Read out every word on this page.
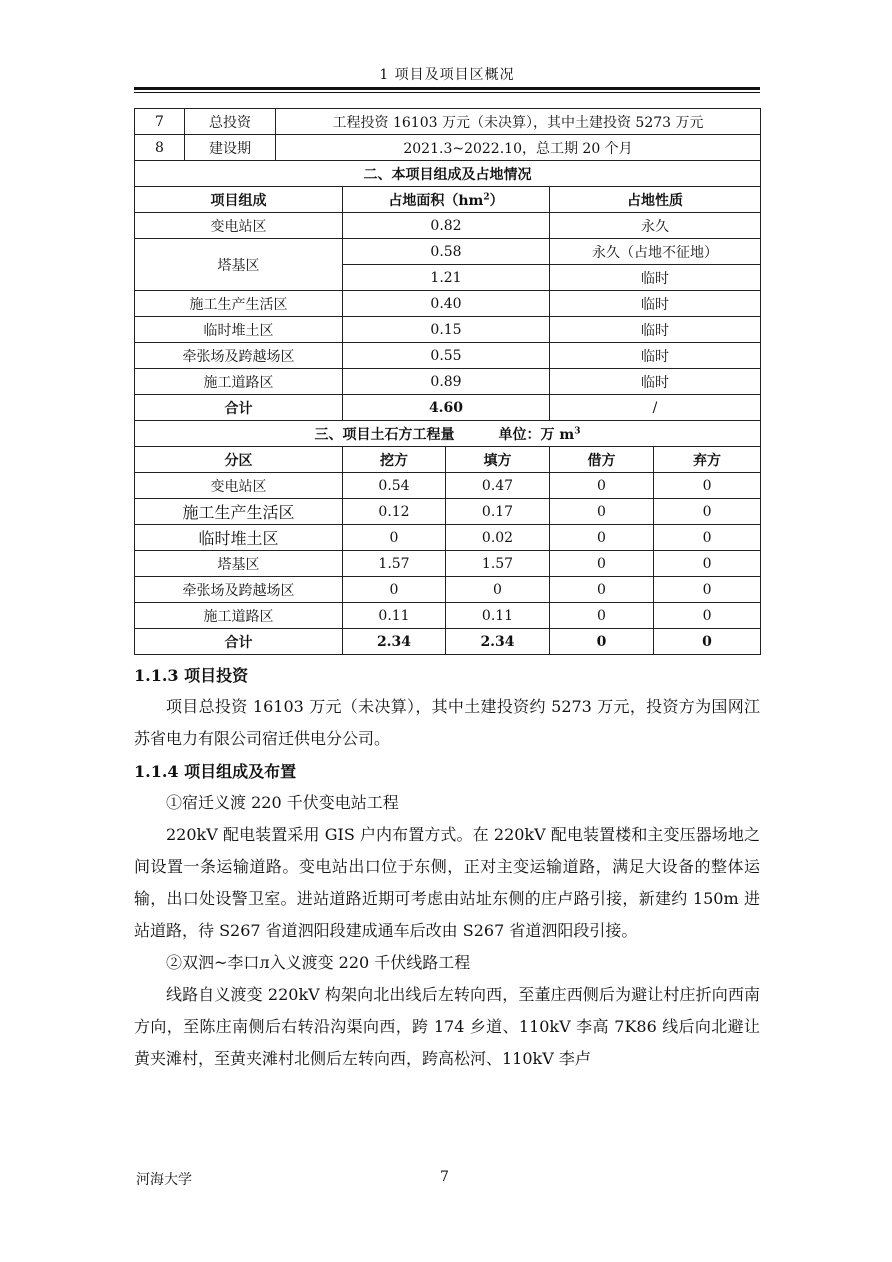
1 项目及项目区概况
7	总投资	工程投资 16103 万元（未决算），其中土建投资 5273 万元				
8	建设期	2021.3~2022.10，总工期 20 个月				
二、本项目组成及占地情况						
项目组成			占地面积$(hm^2)$		占地性质	
变电站区			0.82		永久	
塔基区			0.58		永久（占地不征地）	
			1.21		临时	
施工生产生活区			0.40		临时	
临时堆土区			0.15		临时	
牵张场及跨越场区			0.55		临时	
施工道路区			0.89		临时	
合计			4.60		/	
三、项目土石方工程量 单位：万 $m^3$
分区			挖方	填方	借方	弃方
变电站区			0.54	0.47	0	0
施工生产生活区			0.12	0.17	0	0
临时堆土区			0	0.02	0	0
塔基区			1.57	1.57	0	0
牵张场及跨越场区			0	0	0	0
施工道路区			0.11	0.11	0	0
合计			2.34	2.34	0	0
1.1.3 项目投资

项目总投资 16103 万元（未决算），其中土建投资约 5273 万元，投资方为国网江苏省电力有限公司宿迁供电分公司。

1.1.4 项目组成及布置

①宿迁义渡 220 千伏变电站工程

220kV 配电装置采用 GIS 户内布置方式。在 220kV 配电装置楼和主变压器场地之间设置一条运输道路。变电站出口位于东侧，正对主变运输道路，满足大设备的整体运输，出口处设警卫室。进站道路近期可考虑由站址东侧的庄卢路引接，新建约 150m 进站道路，待 S267 省道泗阳段建成通车后改由 S267 省道泗阳段引接。

②双泗~李口л入义渡变 220 千伏线路工程

线路自义渡变 220kV 构架向北出线后左转向西，至董庄西侧后为避让村庄折向西南方向，至陈庄南侧后右转沿沟渠向西，跨 174 乡道、110kV 李高 7K86 线后向北避让黄夹滩村，至黄夹滩村北侧后左转向西，跨高松河、110kV 李卢

河海大学	7
